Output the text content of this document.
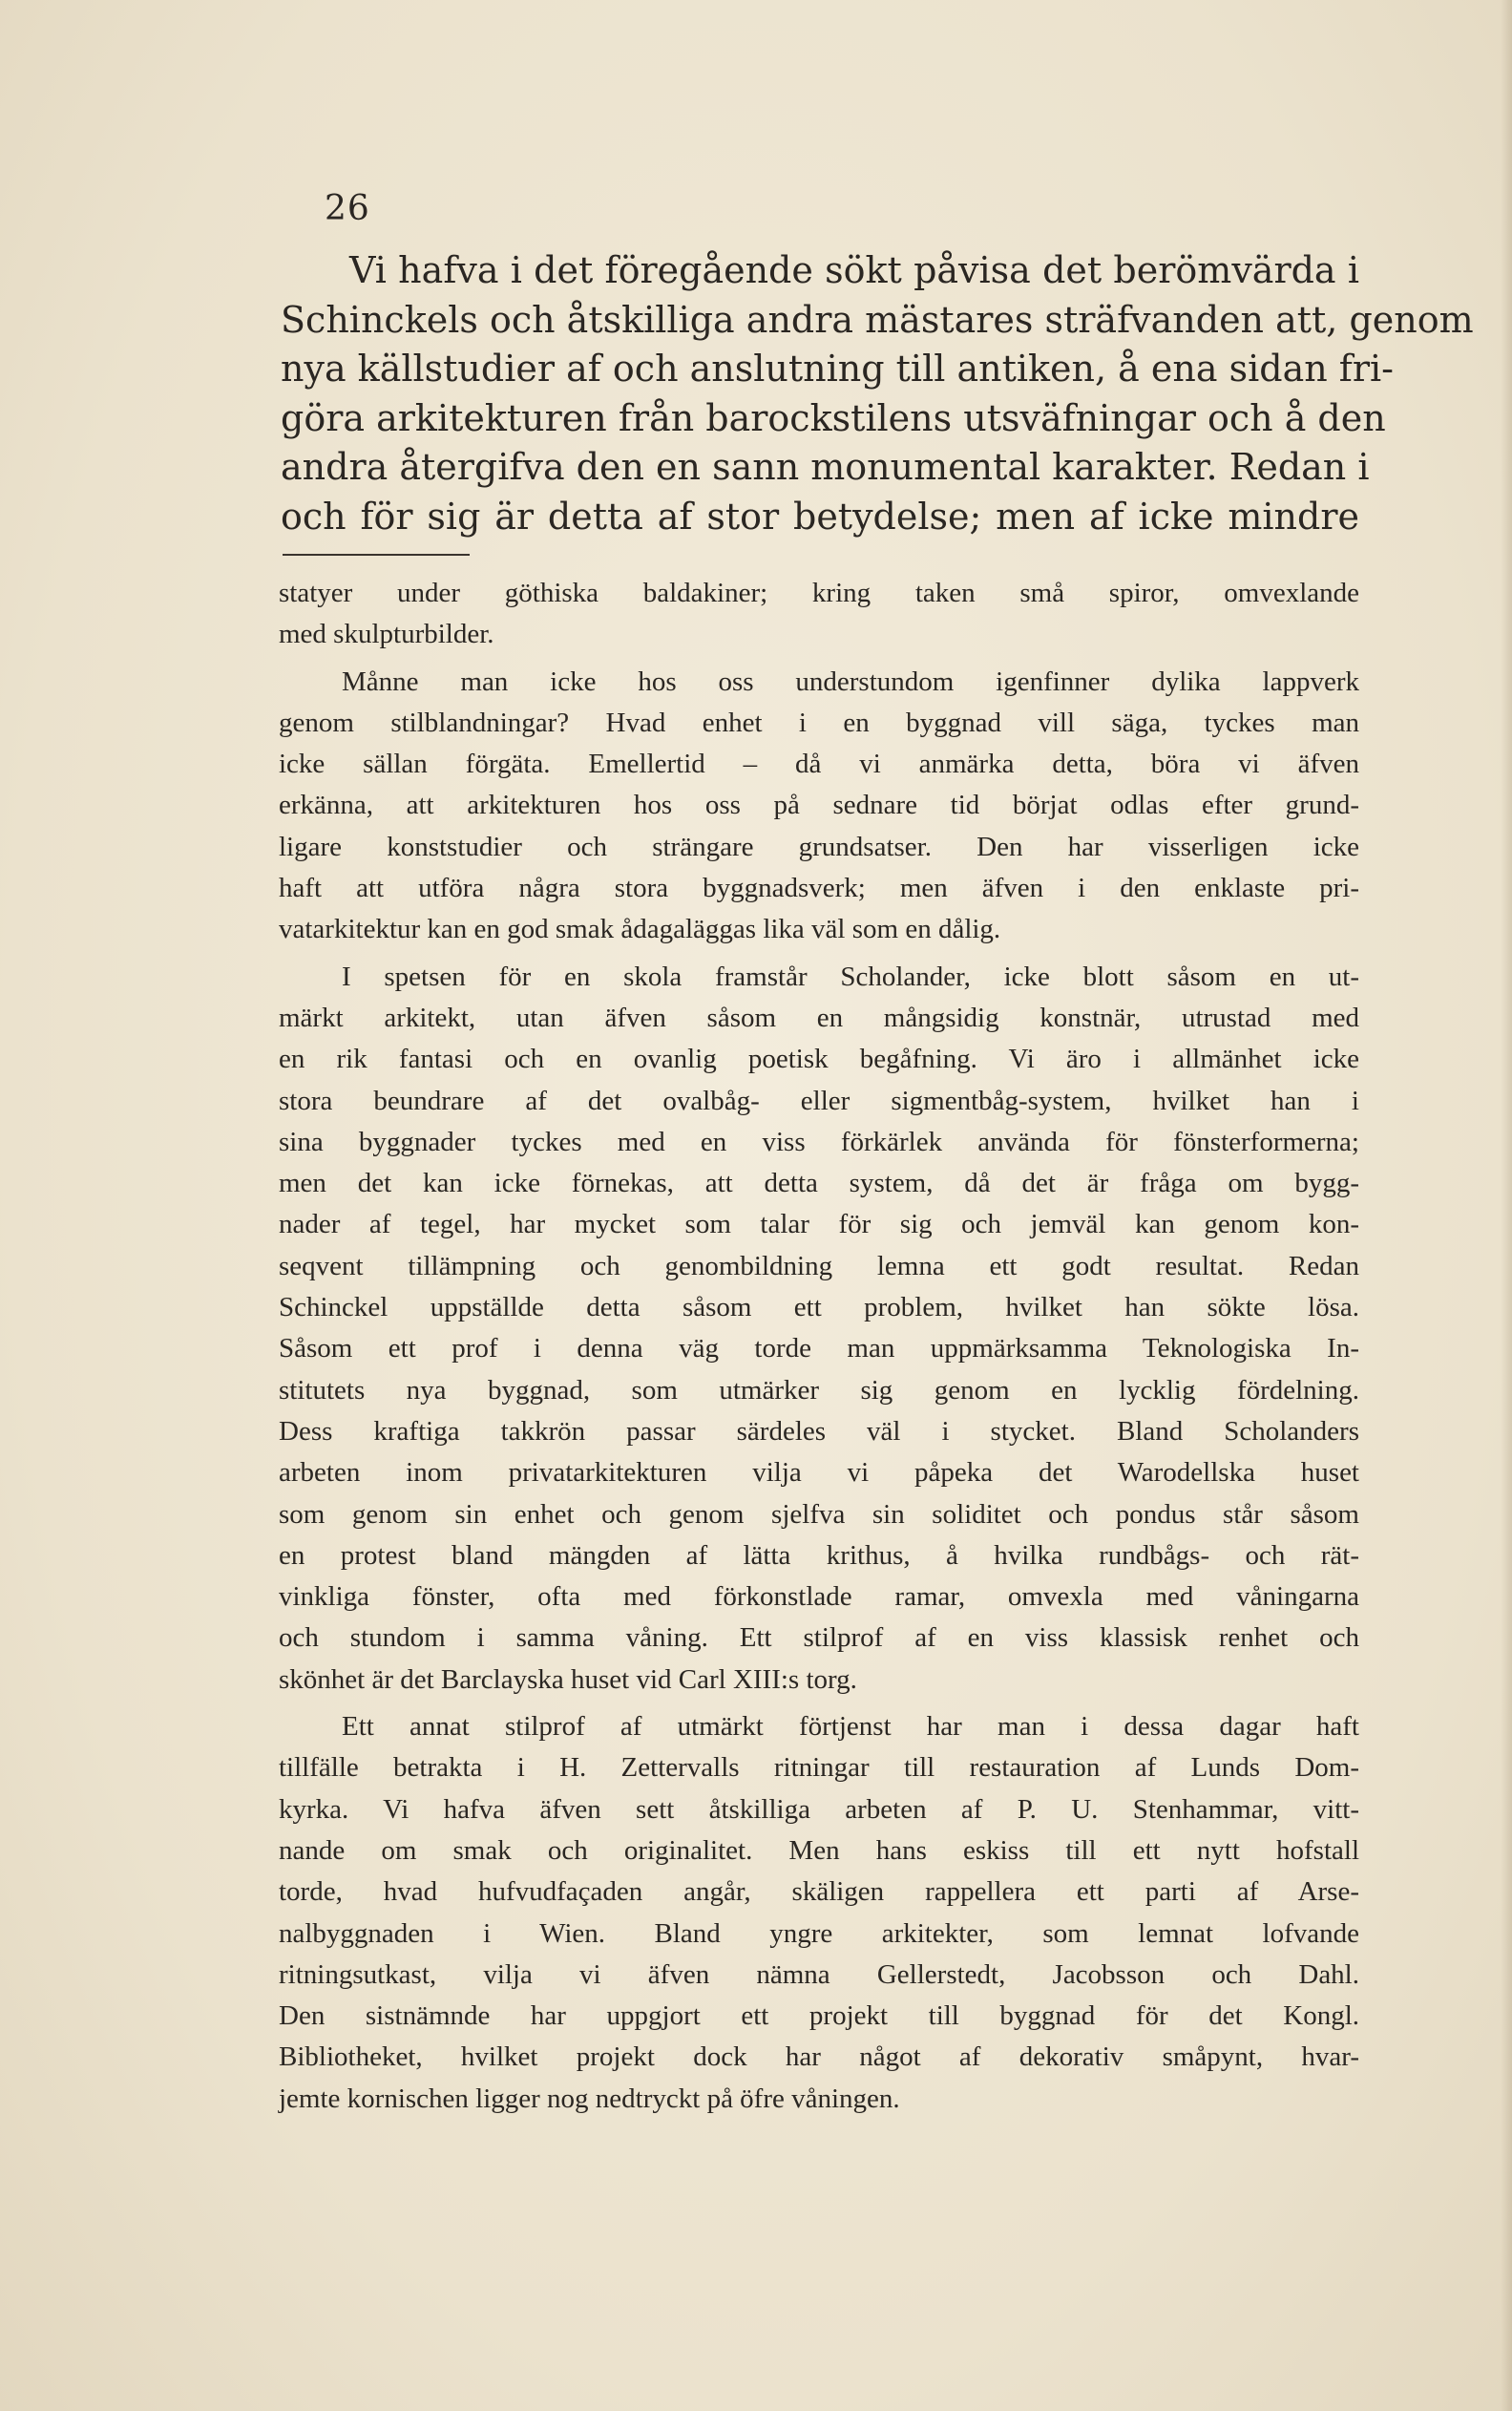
26
Vi hafva i det föregående sökt påvisa det berömvärda i
Schinckels och åtskilliga andra mästares sträfvanden att, genom
nya källstudier af och anslutning till antiken, å ena sidan fri-
göra arkitekturen från barockstilens utsväfningar och å den
andra återgifva den en sann monumental karakter. Redan i
och för sig är detta af stor betydelse; men af icke mindre
statyer under göthiska baldakiner; kring taken små spiror, omvexlande
med skulpturbilder.
Månne man icke hos oss understundom igenfinner dylika lappverk
genom stilblandningar? Hvad enhet i en byggnad vill säga, tyckes man
icke sällan förgäta. Emellertid – då vi anmärka detta, böra vi äfven
erkänna, att arkitekturen hos oss på sednare tid börjat odlas efter grund-
ligare konststudier och strängare grundsatser. Den har visserligen icke
haft att utföra några stora byggnadsverk; men äfven i den enklaste pri-
vatarkitektur kan en god smak ådagaläggas lika väl som en dålig.
I spetsen för en skola framstår Scholander, icke blott såsom en ut-
märkt arkitekt, utan äfven såsom en mångsidig konstnär, utrustad med
en rik fantasi och en ovanlig poetisk begåfning. Vi äro i allmänhet icke
stora beundrare af det ovalbåg- eller sigmentbåg-system, hvilket han i
sina byggnader tyckes med en viss förkärlek använda för fönsterformerna;
men det kan icke förnekas, att detta system, då det är fråga om bygg-
nader af tegel, har mycket som talar för sig och jemväl kan genom kon-
seqvent tillämpning och genombildning lemna ett godt resultat. Redan
Schinckel uppställde detta såsom ett problem, hvilket han sökte lösa.
Såsom ett prof i denna väg torde man uppmärksamma Teknologiska In-
stitutets nya byggnad, som utmärker sig genom en lycklig fördelning.
Dess kraftiga takkrön passar särdeles väl i stycket. Bland Scholanders
arbeten inom privatarkitekturen vilja vi påpeka det Warodellska huset
som genom sin enhet och genom sjelfva sin soliditet och pondus står såsom
en protest bland mängden af lätta krithus, å hvilka rundbågs- och rät-
vinkliga fönster, ofta med förkonstlade ramar, omvexla med våningarna
och stundom i samma våning. Ett stilprof af en viss klassisk renhet och
skönhet är det Barclayska huset vid Carl XIII:s torg.
Ett annat stilprof af utmärkt förtjenst har man i dessa dagar haft
tillfälle betrakta i H. Zettervalls ritningar till restauration af Lunds Dom-
kyrka. Vi hafva äfven sett åtskilliga arbeten af P. U. Stenhammar, vitt-
nande om smak och originalitet. Men hans eskiss till ett nytt hofstall
torde, hvad hufvudfaçaden angår, skäligen rappellera ett parti af Arse-
nalbyggnaden i Wien. Bland yngre arkitekter, som lemnat lofvande
ritningsutkast, vilja vi äfven nämna Gellerstedt, Jacobsson och Dahl.
Den sistnämnde har uppgjort ett projekt till byggnad för det Kongl.
Bibliotheket, hvilket projekt dock har något af dekorativ småpynt, hvar-
jemte kornischen ligger nog nedtryckt på öfre våningen.
